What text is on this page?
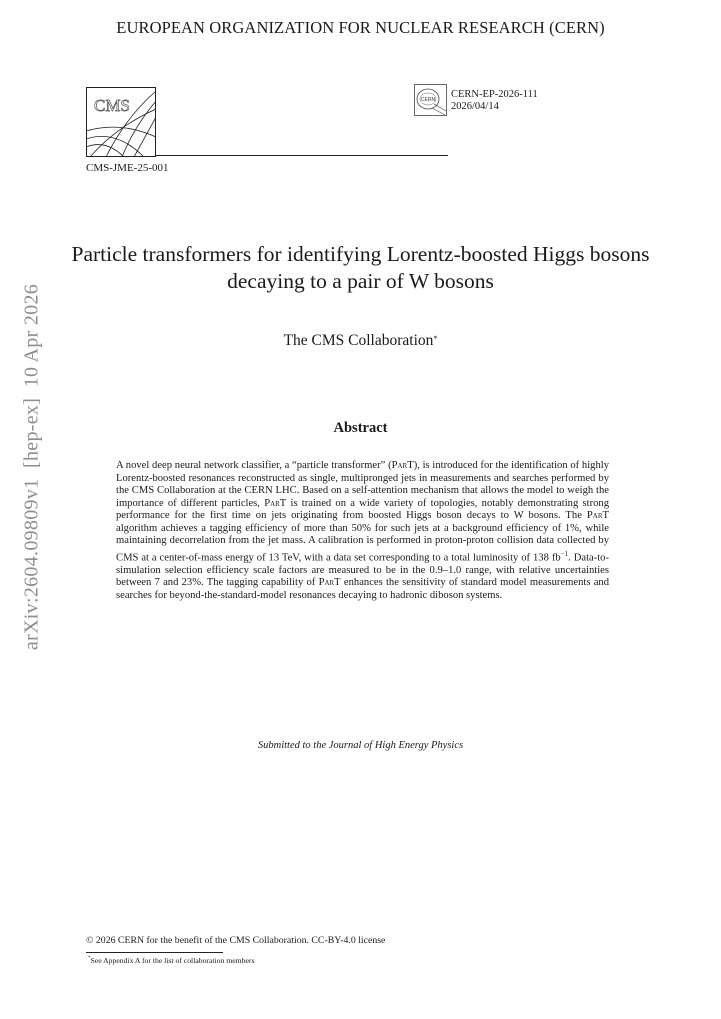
EUROPEAN ORGANIZATION FOR NUCLEAR RESEARCH (CERN)
CMS	CERN CERN-EP-2026-111
2026/04/14
CMS-JME-25-001
arXiv:2604.09809v1  [hep-ex]  10 Apr 2026
Particle transformers for identifying Lorentz-boosted Higgs bosons decaying to a pair of W bosons
The CMS Collaboration*
Abstract
A novel deep neural network classifier, a “particle transformer” (ParT), is introduced for the identification of highly Lorentz-boosted resonances reconstructed as single, multipronged jets in measurements and searches performed by the CMS Collaboration at the CERN LHC. Based on a self-attention mechanism that allows the model to weigh the importance of different particles, ParT is trained on a wide variety of topologies, notably demonstrating strong performance for the first time on jets originating from boosted Higgs boson decays to W bosons. The ParT algorithm achieves a tagging efficiency of more than 50% for such jets at a background efficiency of 1%, while maintaining decorrelation from the jet mass. A calibration is performed in proton-proton collision data collected by CMS at a center-of-mass energy of 13 TeV, with a data set corresponding to a total luminosity of 138 $fb^{-1}$. Data-to-simulation selection efficiency scale factors are measured to be in the 0.9–1.0 range, with relative uncertainties between 7 and 23%. The tagging capability of ParT enhances the sensitivity of standard model measurements and searches for beyond-the-standard-model resonances decaying to hadronic diboson systems.
Submitted to the Journal of High Energy Physics
© 2026 CERN for the benefit of the CMS Collaboration. CC-BY-4.0 license
*See Appendix A for the list of collaboration members
